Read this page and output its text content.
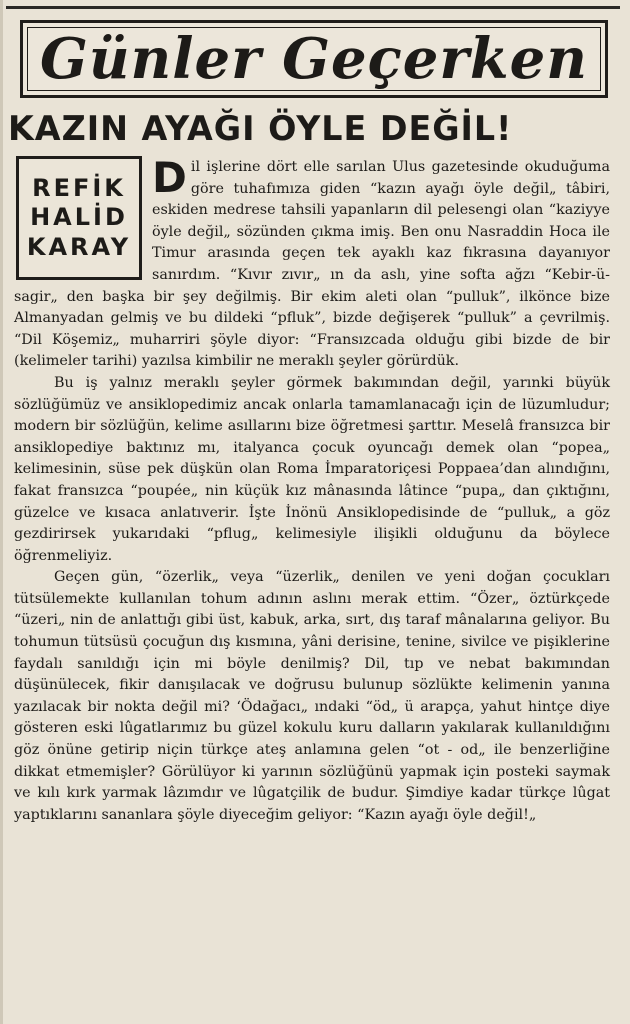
Günler Geçerken
KAZIN AYAĞI ÖYLE DEĞİL!
REFİK
HALİD
KARAY

Dil işlerine dört elle sarılan Ulus gazetesinde okuduğuma göre tuhafımıza giden “kazın ayağı öyle değil„ tâbiri, eskiden medrese tahsili yapanların dil pelesengi olan “kaziyye öyle değil„ sözünden çıkma imiş. Ben onu Nasraddin Hoca ile Timur arasında geçen tek ayaklı kaz fıkrasına dayanıyor sanırdım. “Kıvır zıvır„ ın da aslı, yine softa ağzı “Kebir-ü- sagir„ den başka bir şey değilmiş. Bir ekim aleti olan “pulluk”, ilkönce bize Almanyadan gelmiş ve bu dildeki “pfluk”, bizde değişerek “pulluk” a çevrilmiş. “Dil Köşemiz„ muharriri şöyle diyor: “Fransızcada olduğu gibi bizde de bir (kelimeler tarihi) yazılsa kimbilir ne meraklı şeyler görürdük.

Bu iş yalnız meraklı şeyler görmek bakımından değil, yarınki büyük sözlüğümüz ve ansiklopedimiz ancak onlarla tamamlanacağı için de lüzumludur; modern bir sözlüğün, kelime asıllarını bize öğretmesi şarttır. Meselâ fransızca bir ansiklopediye baktınız mı, italyanca çocuk oyuncağı demek olan “popea„ kelimesinin, süse pek düşkün olan Roma İmparatoriçesi Poppaea’dan alındığını, fakat fransızca “poupée„ nin küçük kız mânasında lâtince “pupa„ dan çıktığını, güzelce ve kısaca anlatıverir. İşte İnönü Ansiklopedisinde de “pulluk„ a göz gezdirirsek yukarıdaki “pflug„ kelimesiyle ilişikli olduğunu da böylece öğrenmeliyiz.

Geçen gün, “özerlik„ veya “üzerlik„ denilen ve yeni doğan çocukları tütsülemekte kullanılan tohum adının aslını merak ettim. “Özer„ öztürkçede “üzeri„ nin de anlattığı gibi üst, kabuk, arka, sırt, dış taraf mânalarına geliyor. Bu tohumun tütsüsü çocuğun dış kısmına, yâni derisine, tenine, sivilce ve pişiklerine faydalı sanıldığı için mi böyle denilmiş? Dil, tıp ve nebat bakımından düşünülecek, fikir danışılacak ve doğrusu bulunup sözlükte kelimenin yanına yazılacak bir nokta değil mi? ‘Ödağacı„ ındaki “öd„ ü arapça, yahut hintçe diye gösteren eski lûgatlarımız bu güzel kokulu kuru dalların yakılarak kullanıldığını göz önüne getirip niçin türkçe ateş anlamına gelen “ot - od„ ile benzerliğine dikkat etmemişler? Görülüyor ki yarının sözlüğünü yapmak için posteki saymak ve kılı kırk yarmak lâzımdır ve lûgatçilik de budur. Şimdiye kadar türkçe lûgat yaptıklarını sananlara şöyle diyeceğim geliyor: “Kazın ayağı öyle değil!„
